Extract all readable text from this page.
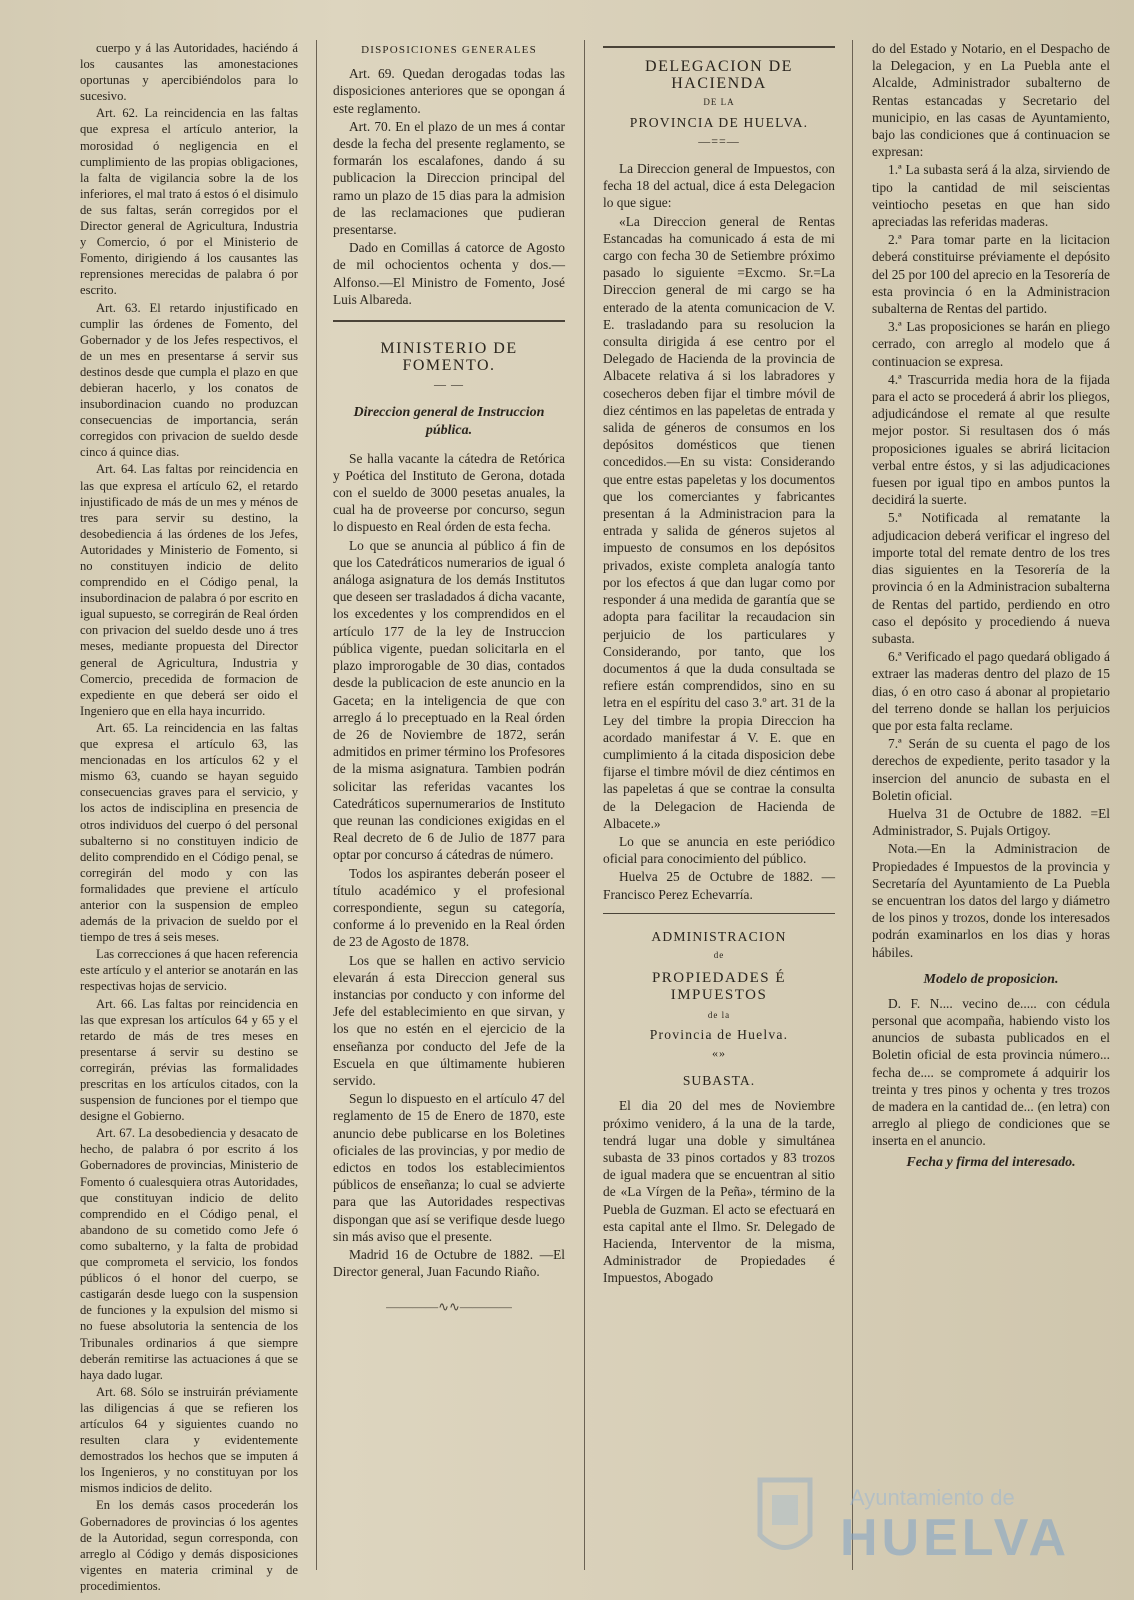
cuerpo y á las Autoridades, haciéndo á los causantes las amonestaciones oportunas y apercibiéndolos para lo sucesivo.

Art. 62. La reincidencia en las faltas que expresa el artículo anterior, la morosidad ó negligencia en el cumplimiento de las propias obligaciones, la falta de vigilancia sobre la de los inferiores, el mal trato á estos ó el disimulo de sus faltas, serán corregidos por el Director general de Agricultura, Industria y Comercio, ó por el Ministerio de Fomento, dirigiendo á los causantes las reprensiones merecidas de palabra ó por escrito.

Art. 63. El retardo injustificado en cumplir las órdenes de Fomento, del Gobernador y de los Jefes respectivos, el de un mes en presentarse á servir sus destinos desde que cumpla el plazo en que debieran hacerlo, y los conatos de insubordinacion cuando no produzcan consecuencias de importancia, serán corregidos con privacion de sueldo desde cinco á quince dias.

Art. 64. Las faltas por reincidencia en las que expresa el artículo 62, el retardo injustificado de más de un mes y ménos de tres para servir su destino, la desobediencia á las órdenes de los Jefes, Autoridades y Ministerio de Fomento, si no constituyen indicio de delito comprendido en el Código penal, la insubordinacion de palabra ó por escrito en igual supuesto, se corregirán de Real órden con privacion del sueldo desde uno á tres meses, mediante propuesta del Director general de Agricultura, Industria y Comercio, precedida de formacion de expediente en que deberá ser oido el Ingeniero que en ella haya incurrido.

Art. 65. La reincidencia en las faltas que expresa el artículo 63, las mencionadas en los artículos 62 y el mismo 63, cuando se hayan seguido consecuencias graves para el servicio, y los actos de indisciplina en presencia de otros individuos del cuerpo ó del personal subalterno si no constituyen indicio de delito comprendido en el Código penal, se corregirán del modo y con las formalidades que previene el artículo anterior con la suspension de empleo además de la privacion de sueldo por el tiempo de tres á seis meses.

Las correcciones á que hacen referencia este artículo y el anterior se anotarán en las respectivas hojas de servicio.

Art. 66. Las faltas por reincidencia en las que expresan los artículos 64 y 65 y el retardo de más de tres meses en presentarse á servir su destino se corregirán, prévias las formalidades prescritas en los artículos citados, con la suspension de funciones por el tiempo que designe el Gobierno.

Art. 67. La desobediencia y desacato de hecho, de palabra ó por escrito á los Gobernadores de provincias, Ministerio de Fomento ó cualesquiera otras Autoridades, que constituyan indicio de delito comprendido en el Código penal, el abandono de su cometido como Jefe ó como subalterno, y la falta de probidad que comprometa el servicio, los fondos públicos ó el honor del cuerpo, se castigarán desde luego con la suspension de funciones y la expulsion del mismo si no fuese absolutoria la sentencia de los Tribunales ordinarios á que siempre deberán remitirse las actuaciones á que se haya dado lugar.

Art. 68. Sólo se instruirán préviamente las diligencias á que se refieren los artículos 64 y siguientes cuando no resulten clara y evidentemente demostrados los hechos que se imputen á los Ingenieros, y no constituyan por los mismos indicios de delito.

En los demás casos procederán los Gobernadores de provincias ó los agentes de la Autoridad, segun corresponda, con arreglo al Código y demás disposiciones vigentes en materia criminal y de procedimientos.

DISPOSICIONES GENERALES

Art. 69. Quedan derogadas todas las disposiciones anteriores que se opongan á este reglamento.

Art. 70. En el plazo de un mes á contar desde la fecha del presente reglamento, se formarán los escalafones, dando á su publicacion la Direccion principal del ramo un plazo de 15 dias para la admision de las reclamaciones que pudieran presentarse.

Dado en Comillas á catorce de Agosto de mil ochocientos ochenta y dos.—Alfonso.—El Ministro de Fomento, José Luis Albareda.

MINISTERIO DE FOMENTO.
— —
Direccion general de Instruccion pública.

Se halla vacante la cátedra de Retórica y Poética del Instituto de Gerona, dotada con el sueldo de 3000 pesetas anuales, la cual ha de proveerse por concurso, segun lo dispuesto en Real órden de esta fecha.

Lo que se anuncia al público á fin de que los Catedráticos numerarios de igual ó análoga asignatura de los demás Institutos que deseen ser trasladados á dicha vacante, los excedentes y los comprendidos en el artículo 177 de la ley de Instruccion pública vigente, puedan solicitarla en el plazo improrogable de 30 dias, contados desde la publicacion de este anuncio en la Gaceta; en la inteligencia de que con arreglo á lo preceptuado en la Real órden de 26 de Noviembre de 1872, serán admitidos en primer término los Profesores de la misma asignatura. Tambien podrán solicitar las referidas vacantes los Catedráticos supernumerarios de Instituto que reunan las condiciones exigidas en el Real decreto de 6 de Julio de 1877 para optar por concurso á cátedras de número.

Todos los aspirantes deberán poseer el título académico y el profesional correspondiente, segun su categoría, conforme á lo prevenido en la Real órden de 23 de Agosto de 1878.

Los que se hallen en activo servicio elevarán á esta Direccion general sus instancias por conducto y con informe del Jefe del establecimiento en que sirvan, y los que no estén en el ejercicio de la enseñanza por conducto del Jefe de la Escuela en que últimamente hubieren servido.

Segun lo dispuesto en el artículo 47 del reglamento de 15 de Enero de 1870, este anuncio debe publicarse en los Boletines oficiales de las provincias, y por medio de edictos en todos los establecimientos públicos de enseñanza; lo cual se advierte para que las Autoridades respectivas dispongan que así se verifique desde luego sin más aviso que el presente.

Madrid 16 de Octubre de 1882. —El Director general, Juan Facundo Riaño.

————∿∿————
DELEGACION DE HACIENDA
DE LA
PROVINCIA DE HUELVA.
—==—

La Direccion general de Impuestos, con fecha 18 del actual, dice á esta Delegacion lo que sigue:

«La Direccion general de Rentas Estancadas ha comunicado á esta de mi cargo con fecha 30 de Setiembre próximo pasado lo siguiente =Excmo. Sr.=La Direccion general de mi cargo se ha enterado de la atenta comunicacion de V. E. trasladando para su resolucion la consulta dirigida á ese centro por el Delegado de Hacienda de la provincia de Albacete relativa á si los labradores y cosecheros deben fijar el timbre móvil de diez céntimos en las papeletas de entrada y salida de géneros de consumos en los depósitos domésticos que tienen concedidos.—En su vista: Considerando que entre estas papeletas y los documentos que los comerciantes y fabricantes presentan á la Administracion para la entrada y salida de géneros sujetos al impuesto de consumos en los depósitos privados, existe completa analogía tanto por los efectos á que dan lugar como por responder á una medida de garantía que se adopta para facilitar la recaudacion sin perjuicio de los particulares y Considerando, por tanto, que los documentos á que la duda consultada se refiere están comprendidos, sino en su letra en el espíritu del caso 3.º art. 31 de la Ley del timbre la propia Direccion ha acordado manifestar á V. E. que en cumplimiento á la citada disposicion debe fijarse el timbre móvil de diez céntimos en las papeletas á que se contrae la consulta de la Delegacion de Hacienda de Albacete.»

Lo que se anuncia en este periódico oficial para conocimiento del público.

Huelva 25 de Octubre de 1882. —Francisco Perez Echevarría.

ADMINISTRACION
de
PROPIEDADES É IMPUESTOS
de la
Provincia de Huelva.
«»
SUBASTA.

El dia 20 del mes de Noviembre próximo venidero, á la una de la tarde, tendrá lugar una doble y simultánea subasta de 33 pinos cortados y 83 trozos de igual madera que se encuentran al sitio de «La Vírgen de la Peña», término de la Puebla de Guzman. El acto se efectuará en esta capital ante el Ilmo. Sr. Delegado de Hacienda, Interventor de la misma, Administrador de Propiedades é Impuestos, Abogado

do del Estado y Notario, en el Despacho de la Delegacion, y en La Puebla ante el Alcalde, Administrador subalterno de Rentas estancadas y Secretario del municipio, en las casas de Ayuntamiento, bajo las condiciones que á continuacion se expresan:

1.ª La subasta será á la alza, sirviendo de tipo la cantidad de mil seiscientas veintiocho pesetas en que han sido apreciadas las referidas maderas.

2.ª Para tomar parte en la licitacion deberá constituirse préviamente el depósito del 25 por 100 del aprecio en la Tesorería de esta provincia ó en la Administracion subalterna de Rentas del partido.

3.ª Las proposiciones se harán en pliego cerrado, con arreglo al modelo que á continuacion se expresa.

4.ª Trascurrida media hora de la fijada para el acto se procederá á abrir los pliegos, adjudicándose el remate al que resulte mejor postor. Si resultasen dos ó más proposiciones iguales se abrirá licitacion verbal entre éstos, y si las adjudicaciones fuesen por igual tipo en ambos puntos la decidirá la suerte.

5.ª Notificada al rematante la adjudicacion deberá verificar el ingreso del importe total del remate dentro de los tres dias siguientes en la Tesorería de la provincia ó en la Administracion subalterna de Rentas del partido, perdiendo en otro caso el depósito y procediendo á nueva subasta.

6.ª Verificado el pago quedará obligado á extraer las maderas dentro del plazo de 15 dias, ó en otro caso á abonar al propietario del terreno donde se hallan los perjuicios que por esta falta reclame.

7.ª Serán de su cuenta el pago de los derechos de expediente, perito tasador y la insercion del anuncio de subasta en el Boletin oficial.

Huelva 31 de Octubre de 1882. =El Administrador, S. Pujals Ortigoy.

Nota.—En la Administracion de Propiedades é Impuestos de la provincia y Secretaría del Ayuntamiento de La Puebla se encuentran los datos del largo y diámetro de los pinos y trozos, donde los interesados podrán examinarlos en los dias y horas hábiles.

Modelo de proposicion.

D. F. N.... vecino de..... con cédula personal que acompaña, habiendo visto los anuncios de subasta publicados en el Boletin oficial de esta provincia número... fecha de.... se compromete á adquirir los treinta y tres pinos y ochenta y tres trozos de madera en la cantidad de... (en letra) con arreglo al pliego de condiciones que se inserta en el anuncio.

Fecha y firma del interesado.
Ayuntamiento de
HUELVA
